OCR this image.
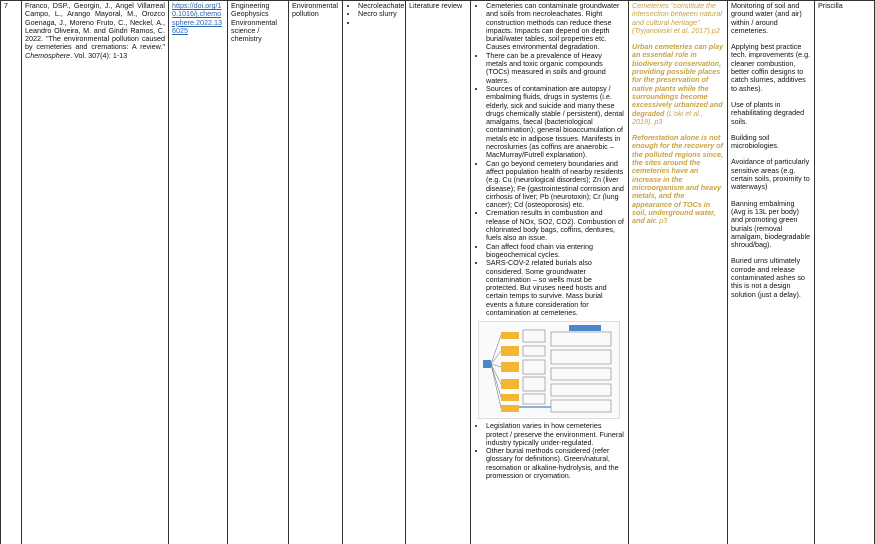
7	Franco, DSP., Georgin, J., Angel Villarreal Campo, L., Arango Mayoral, M., Orozco Goenaga, J., Moreno Fruto, C., Neckel, A., Leandro Oliveira, M. and Gindri Ramos, C. 2022. "The environmental pollution caused by cemeteries and cremations: A review." Chemosphere. Vol. 307(4): 1-13
https://doi.org/10.1016/j.chemosphere.2022.136025
Engineering Geophysics Environmental science / chemistry
Environmental pollution
• Necroleachate
• Necro slurry
•
Literature review
•	Cemeteries can contaminate groundwater and soils from necroleachates. Right construction methods can reduce these impacts. Impacts can depend on depth burial/water tables, soil properties etc. Causes environmental degradation.
• There can be a prevalence of Heavy metals and toxic organic compounds (TOCs) measured in soils and ground waters.
• Sources of contamination are autopsy / embalming fluids, drugs in systems (i.e. elderly, sick and suicide and many these drugs chemically stable / persistent), dental amalgams, faecal (bacteriological contamination); general bioaccumulation of metals etc in adipose tissues. Manifests in necroslurries (as coffins are anaerobic – MacMurray/Futrell explanation).
• Can go beyond cemetery boundaries and affect population health of nearby residents (e.g. Cu (neurological disorders); Zn (liver disease); Fe (gastrointestinal corrosion and cirrhosis of liver; Pb (neurotoxin); Cr (lung cancer); Cd (osteoporosis) etc.
• Cremation results in combustion and release of NOx, SO2, CO2). Combustion of chlorinated body bags, coffins, dentures, fuels also an issue.
• Can affect food chain via entering biogeochemical cycles.
• SARS-COV-2 related burials also considered. Some groundwater contamination – so wells must be protected. But viruses need hosts and certain temps to survive. Mass burial events a future consideration for contamination at cemeteries.
• Legislation varies in how cemeteries protect / preserve the environment. Funeral industry typically under-regulated.
• Other burial methods considered (refer glossary for definitions). Green/natural, resomation or alkaline-hydrolysis, and the promession or cryomation.

Cemeteries "constitute the intersection between natural and cultural heritage" (Tryjanowski et al, 2017).p2

Urban cemeteries can play an essential role in biodiversity conservation, providing possible places for the preservation of native plants while the surroundings become excessively urbanized and degraded (L'oki et al., 2019). p3

Reforestation alone is not enough for the recovery of the polluted regions since, the sites around the cemeteries have an increase in the microorganism and heavy metals, and the appearance of TOCs in soil, underground water, and air. p3

Monitoring of soil and ground water (and air) within / around cemeteries.

Applying best practice tech. improvements (e.g. cleaner combustion, better coffin designs to catch slurries, additives to ashes).

Use of plants in rehabilitating degraded soils.

Building soil microbiologies.

Avoidance of particularly sensitive areas (e.g. certain soils, proximity to waterways)

Banning embalming (Avg is 13L per body) and promoting green burials (removal amalgam, biodegradable shroud/bag).

Buried urns ultimately corrode and release contaminated ashes so this is not a design solution (just a delay).

Priscilla
